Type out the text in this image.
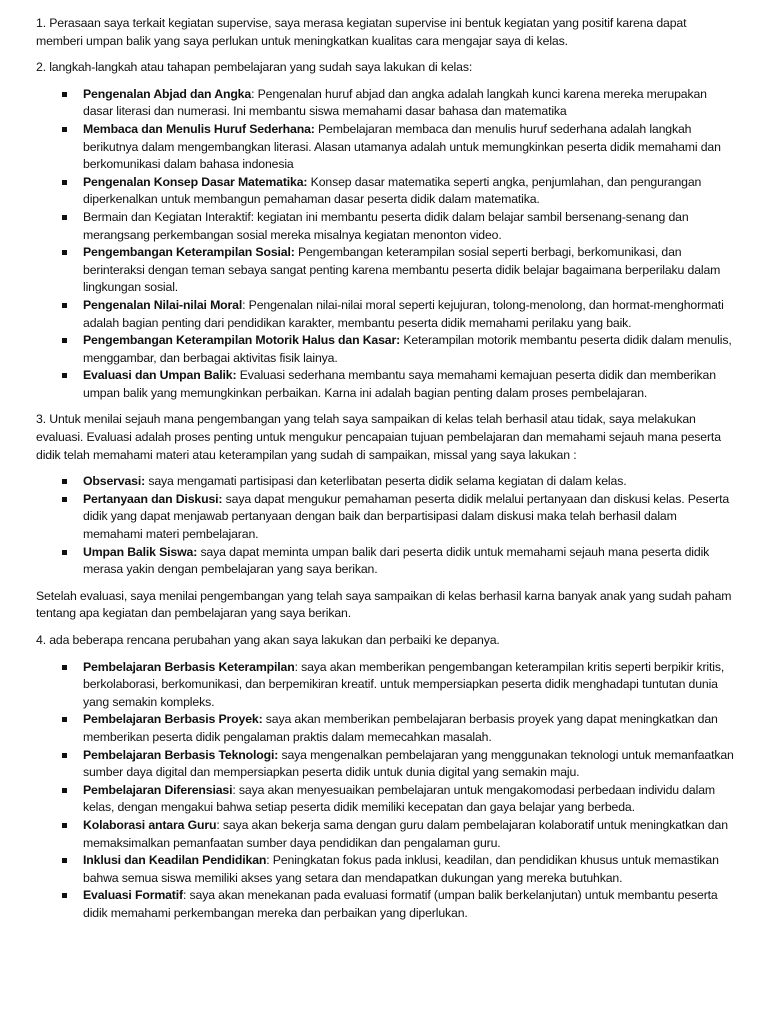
1. Perasaan saya terkait kegiatan supervise, saya merasa kegiatan supervise ini bentuk kegiatan yang positif karena dapat memberi umpan balik yang saya perlukan untuk meningkatkan kualitas cara mengajar saya di kelas.

2. langkah-langkah atau tahapan pembelajaran yang sudah saya lakukan di kelas:

Pengenalan Abjad dan Angka: Pengenalan huruf abjad dan angka adalah langkah kunci karena mereka merupakan dasar literasi dan numerasi. Ini membantu siswa memahami dasar bahasa dan matematika
Membaca dan Menulis Huruf Sederhana: Pembelajaran membaca dan menulis huruf sederhana adalah langkah berikutnya dalam mengembangkan literasi. Alasan utamanya adalah untuk memungkinkan peserta didik memahami dan berkomunikasi dalam bahasa indonesia
Pengenalan Konsep Dasar Matematika: Konsep dasar matematika seperti angka, penjumlahan, dan pengurangan diperkenalkan untuk membangun pemahaman dasar peserta didik dalam matematika.
Bermain dan Kegiatan Interaktif: kegiatan ini membantu peserta didik dalam belajar sambil bersenang-senang dan merangsang perkembangan sosial mereka misalnya kegiatan menonton video.
Pengembangan Keterampilan Sosial: Pengembangan keterampilan sosial seperti berbagi, berkomunikasi, dan berinteraksi dengan teman sebaya sangat penting karena membantu peserta didik belajar bagaimana berperilaku dalam lingkungan sosial.
Pengenalan Nilai-nilai Moral: Pengenalan nilai-nilai moral seperti kejujuran, tolong-menolong, dan hormat-menghormati adalah bagian penting dari pendidikan karakter, membantu peserta didik memahami perilaku yang baik.
Pengembangan Keterampilan Motorik Halus dan Kasar: Keterampilan motorik membantu peserta didik dalam menulis, menggambar, dan berbagai aktivitas fisik lainya.
Evaluasi dan Umpan Balik: Evaluasi sederhana membantu saya memahami kemajuan peserta didik dan memberikan umpan balik yang memungkinkan perbaikan. Karna ini adalah bagian penting dalam proses pembelajaran.

3. Untuk menilai sejauh mana pengembangan yang telah saya sampaikan di kelas telah berhasil atau tidak, saya melakukan evaluasi. Evaluasi adalah proses penting untuk mengukur pencapaian tujuan pembelajaran dan memahami sejauh mana peserta didik telah memahami materi atau keterampilan yang sudah di sampaikan, missal yang saya lakukan :

Observasi: saya mengamati partisipasi dan keterlibatan peserta didik selama kegiatan di dalam kelas.
Pertanyaan dan Diskusi: saya dapat mengukur pemahaman peserta didik melalui pertanyaan dan diskusi kelas. Peserta didik yang dapat menjawab pertanyaan dengan baik dan berpartisipasi dalam diskusi maka telah berhasil dalam memahami materi pembelajaran.
Umpan Balik Siswa: saya dapat meminta umpan balik dari peserta didik untuk memahami sejauh mana peserta didik merasa yakin dengan pembelajaran yang saya berikan.

Setelah evaluasi, saya menilai pengembangan yang telah saya sampaikan di kelas berhasil karna banyak anak yang sudah paham tentang apa kegiatan dan pembelajaran yang saya berikan.

4. ada beberapa rencana perubahan yang akan saya lakukan dan perbaiki ke depanya.

Pembelajaran Berbasis Keterampilan: saya akan memberikan pengembangan keterampilan kritis seperti berpikir kritis, berkolaborasi, berkomunikasi, dan berpemikiran kreatif. untuk mempersiapkan peserta didik menghadapi tuntutan dunia yang semakin kompleks.
Pembelajaran Berbasis Proyek: saya akan memberikan pembelajaran berbasis proyek yang dapat meningkatkan dan memberikan peserta didik pengalaman praktis dalam memecahkan masalah.
Pembelajaran Berbasis Teknologi: saya mengenalkan pembelajaran yang menggunakan teknologi untuk memanfaatkan sumber daya digital dan mempersiapkan peserta didik untuk dunia digital yang semakin maju.
Pembelajaran Diferensiasi: saya akan menyesuaikan pembelajaran untuk mengakomodasi perbedaan individu dalam kelas, dengan mengakui bahwa setiap peserta didik memiliki kecepatan dan gaya belajar yang berbeda.
Kolaborasi antara Guru: saya akan bekerja sama dengan guru dalam pembelajaran kolaboratif untuk meningkatkan dan memaksimalkan pemanfaatan sumber daya pendidikan dan pengalaman guru.
Inklusi dan Keadilan Pendidikan: Peningkatan fokus pada inklusi, keadilan, dan pendidikan khusus untuk memastikan bahwa semua siswa memiliki akses yang setara dan mendapatkan dukungan yang mereka butuhkan.
Evaluasi Formatif: saya akan menekanan pada evaluasi formatif (umpan balik berkelanjutan) untuk membantu peserta didik memahami perkembangan mereka dan perbaikan yang diperlukan.
